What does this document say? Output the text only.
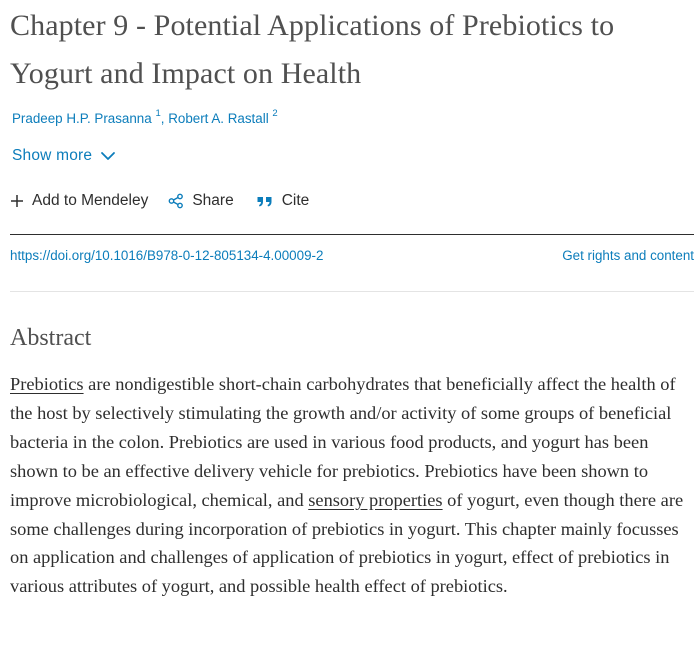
Chapter 9 - Potential Applications of Prebiotics to Yogurt and Impact on Health
Pradeep H.P. Prasanna $^1$, Robert A. Rastall $^2$
Show more
Add to Mendeley	Share	Cite
https://doi.org/10.1016/B978-0-12-805134-4.00009-2	Get rights and content
Abstract

Prebiotics are nondigestible short-chain carbohydrates that beneficially affect the health of the host by selectively stimulating the growth and/or activity of some groups of beneficial bacteria in the colon. Prebiotics are used in various food products, and yogurt has been shown to be an effective delivery vehicle for prebiotics. Prebiotics have been shown to improve microbiological, chemical, and sensory properties of yogurt, even though there are some challenges during incorporation of prebiotics in yogurt. This chapter mainly focusses on application and challenges of application of prebiotics in yogurt, effect of prebiotics in various attributes of yogurt, and possible health effect of prebiotics.
